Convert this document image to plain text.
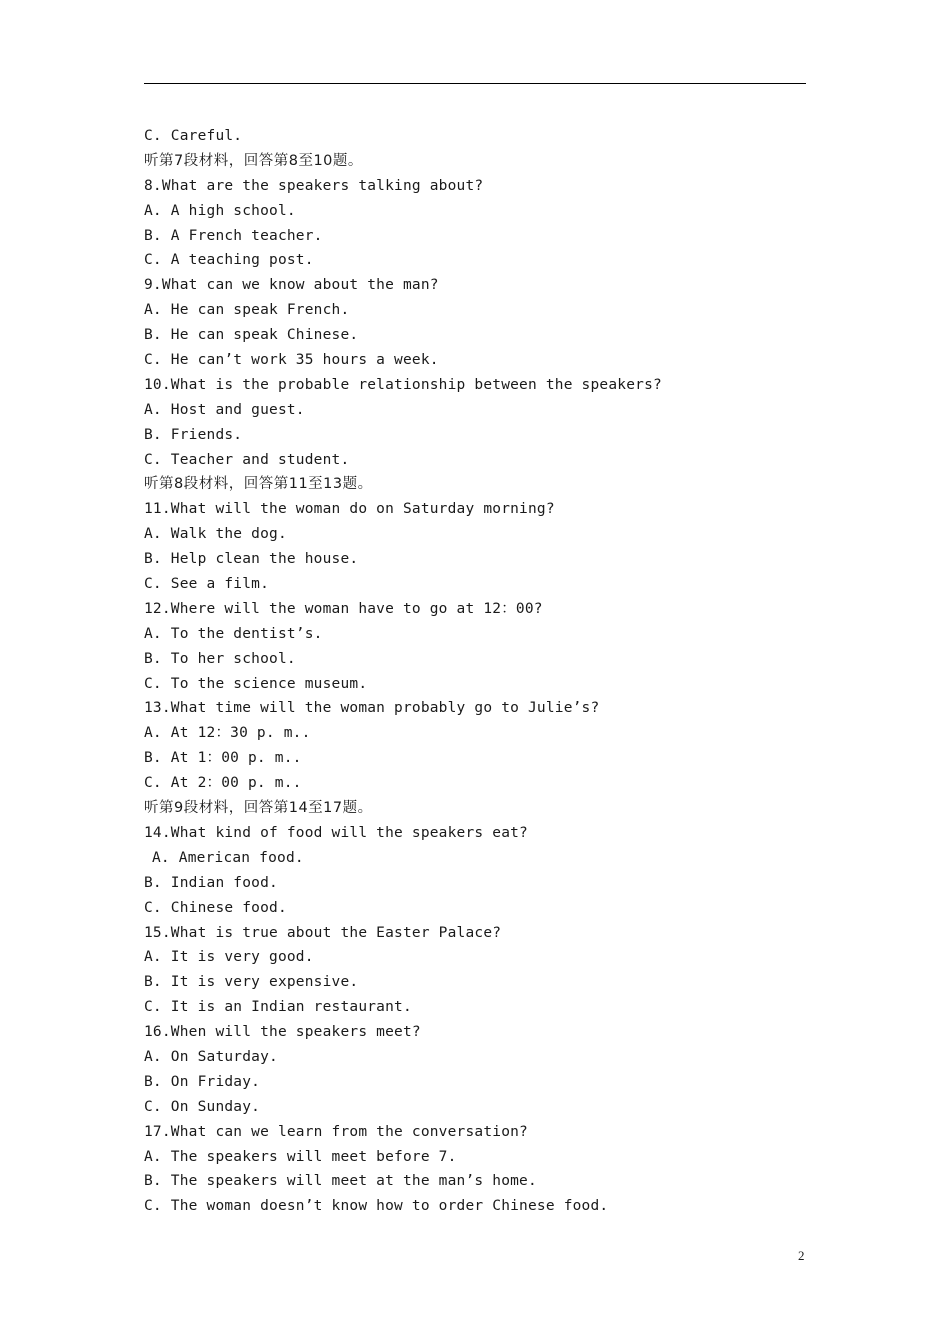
C. Careful.
听第7段材料，回答第8至10题。
8.What are the speakers talking about?
A. A high school.
B. A French teacher.
C. A teaching post.
9.What can we know about the man?
A. He can speak French.
B. He can speak Chinese.
C. He can’t work 35 hours a week.
10.What is the probable relationship between the speakers?
A. Host and guest.
B. Friends.
C. Teacher and student.
听第8段材料，回答第11至13题。
11.What will the woman do on Saturday morning?
A. Walk the dog.
B. Help clean the house.
C. See a film.
12.Where will the woman have to go at 12：00?
A. To the dentist’s.
B. To her school.
C. To the science museum.
13.What time will the woman probably go to Julie’s?
A. At 12：30 p. m..
B. At 1：00 p. m..
C. At 2：00 p. m..
听第9段材料，回答第14至17题。
14.What kind of food will the speakers eat?
A. American food.
B. Indian food.
C. Chinese food.
15.What is true about the Easter Palace?
A. It is very good.
B. It is very expensive.
C. It is an Indian restaurant.
16.When will the speakers meet?
A. On Saturday.
B. On Friday.
C. On Sunday.
17.What can we learn from the conversation?
A. The speakers will meet before 7.
B. The speakers will meet at the man’s home.
C. The woman doesn’t know how to order Chinese food.
2
